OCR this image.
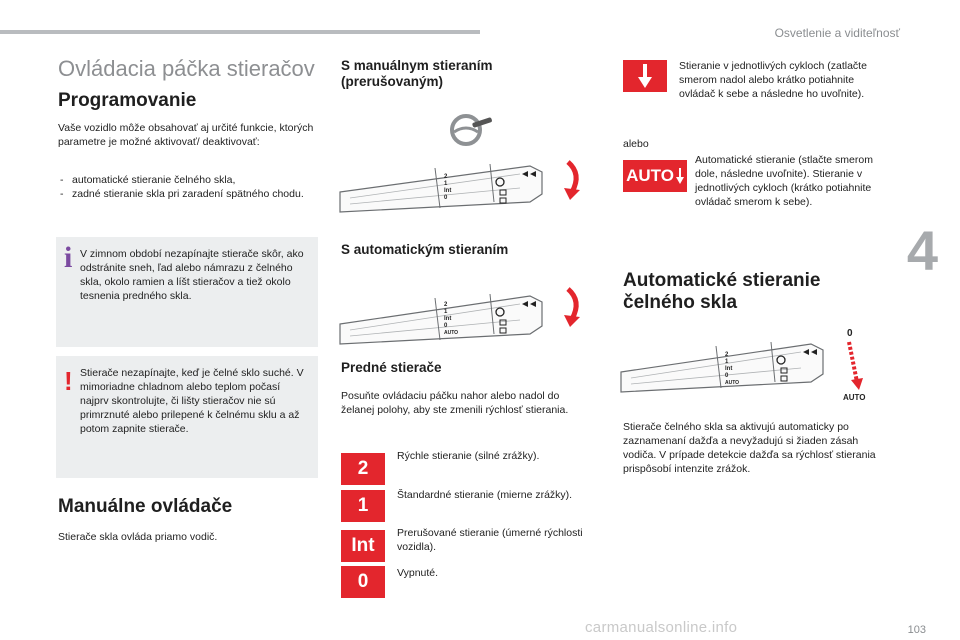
Osvetlenie a viditeľnosť
4
103
carmanualsonline.info
Ovládacia páčka stieračov
Programovanie

Vaše vozidlo môže obsahovať aj určité funkcie, ktorých parametre je možné aktivovať/ deaktivovať:

- automatické stieranie čelného skla,
- zadné stieranie skla pri zaradení spätného chodu.
i V zimnom období nezapínajte stierače skôr, ako odstránite sneh, ľad alebo námrazu z čelného skla, okolo ramien a líšt stieračov a tiež okolo tesnenia predného skla.

! Stierače nezapínajte, keď je čelné sklo suché. V mimoriadne chladnom alebo teplom počasí najprv skontrolujte, či lišty stieračov nie sú primrznuté alebo prilepené k čelnému sklu a až potom zapnite stierače.

Manuálne ovládače

Stierače skla ovláda priamo vodič.

S manuálnym stieraním (prerušovaným)
2
1
Int
0
S automatickým stieraním
2
1
Int
0
AUTO
Predné stierače

Posuňte ovládaciu páčku nahor alebo nadol do želanej polohy, aby ste zmenili rýchlosť stierania.

2

Rýchle stieranie (silné zrážky).

1	Štandardné stieranie (mierne zrážky).

Int

Prerušované stieranie (úmerné rýchlosti vozidla).

0	Vypnuté.

Stieranie v jednotlivých cykloch (zatlačte smerom nadol alebo krátko potiahnite ovládač k sebe a následne ho uvoľnite).

alebo

AUTO

Automatické stieranie (stlačte smerom dole, následne uvoľnite). Stieranie v jednotlivých cykloch (krátko potiahnite ovládač smerom k sebe).

Automatické stieranie čelného skla
2
1
Int
0
AUTO
0
AUTO

Stierače čelného skla sa aktivujú automaticky po zaznamenaní dažďa a nevyžadujú si žiaden zásah vodiča. V prípade detekcie dažďa sa rýchlosť stierania prispôsobí intenzite zrážok.
